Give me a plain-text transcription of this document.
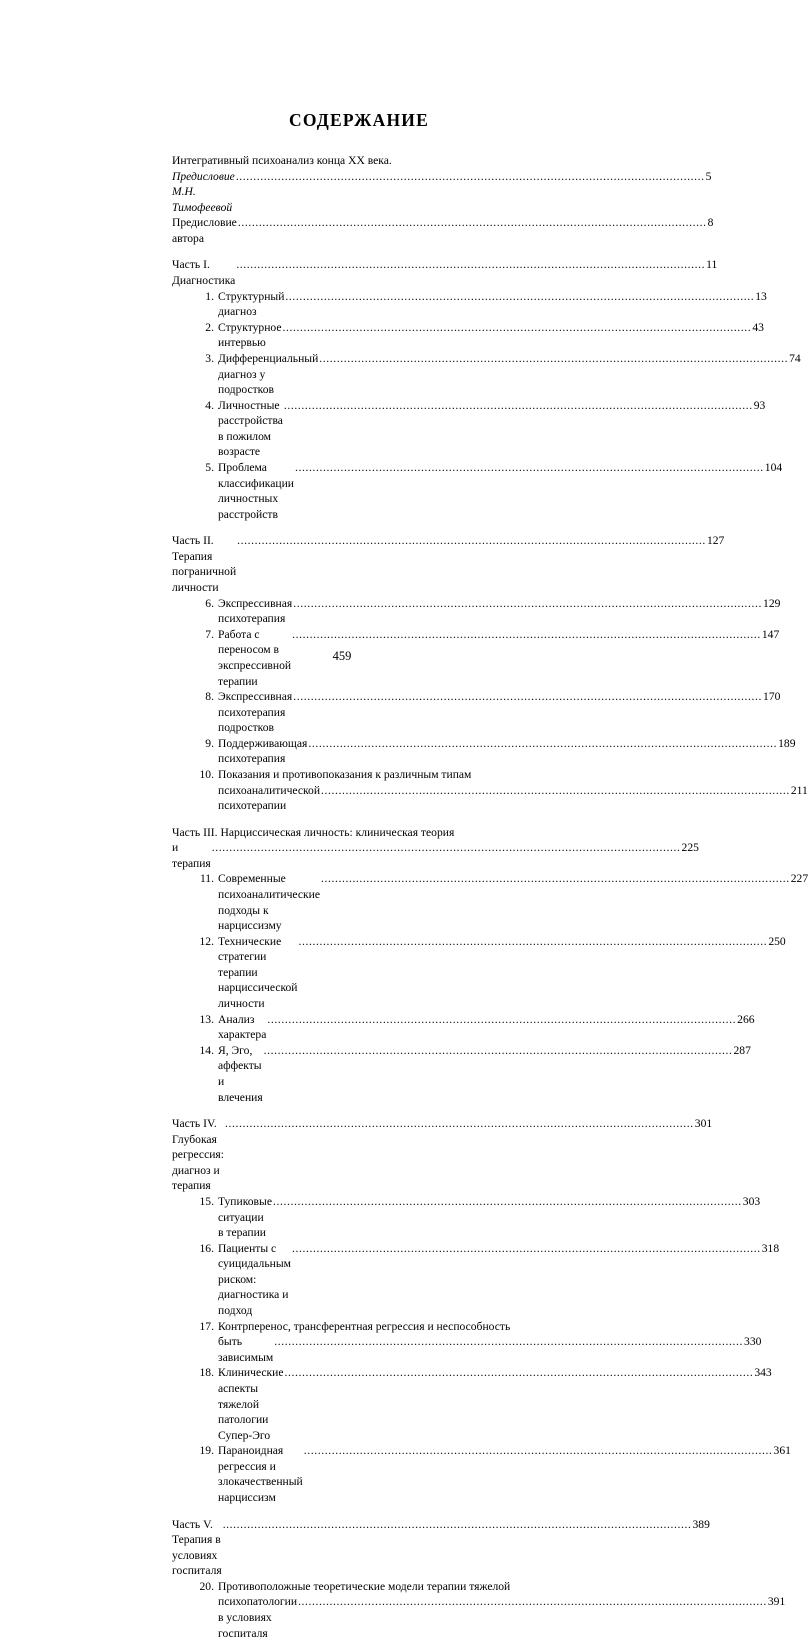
СОДЕРЖАНИЕ
Интегративный психоанализ конца XX века.
Предисловие М.Н. Тимофеевой
.....
5
Предисловие автора
.....
8
Часть I. Диагностика
.....
11
1. Структурный диагноз
.....
13
2. Структурное интервью
.....
43
3. Дифференциальный диагноз у подростков
.....
74
4. Личностные расстройства в пожилом возрасте
.....
93
5. Проблема классификации личностных расстройств
.....
104
Часть II. Терапия пограничной личности
.....
127
6. Экспрессивная психотерапия
.....
129
7. Работа с переносом в экспрессивной терапии
.....
147
8. Экспрессивная психотерапия подростков
.....
170
9. Поддерживающая психотерапия
.....
189
10. Показания и противопоказания к различным типам
психоаналитической психотерапии
.....
211
Часть III. Нарциссическая личность: клиническая теория
и терапия
.....
225
11. Современные психоаналитические подходы к нарциссизму
.....
227
12. Технические стратегии терапии нарциссической личности
.....
250
13. Анализ характера
.....
266
14. Я, Эго, аффекты и влечения
.....
287
Часть IV. Глубокая регрессия: диагноз и терапия
.....
301
15. Тупиковые ситуации в терапии
.....
303
16. Пациенты с суицидальным риском: диагностика и подход
.....
318
17. Контрперенос, трансферентная регрессия и неспособность
быть зависимым
.....
330
18. Клинические аспекты тяжелой патологии Супер-Эго
.....
343
19. Параноидная регрессия и злокачественный нарциссизм
.....
361
Часть V. Терапия в условиях госпиталя
.....
389
20. Противоположные теоретические модели терапии тяжелой
психопатологии в условиях госпиталя
.....
391
459
